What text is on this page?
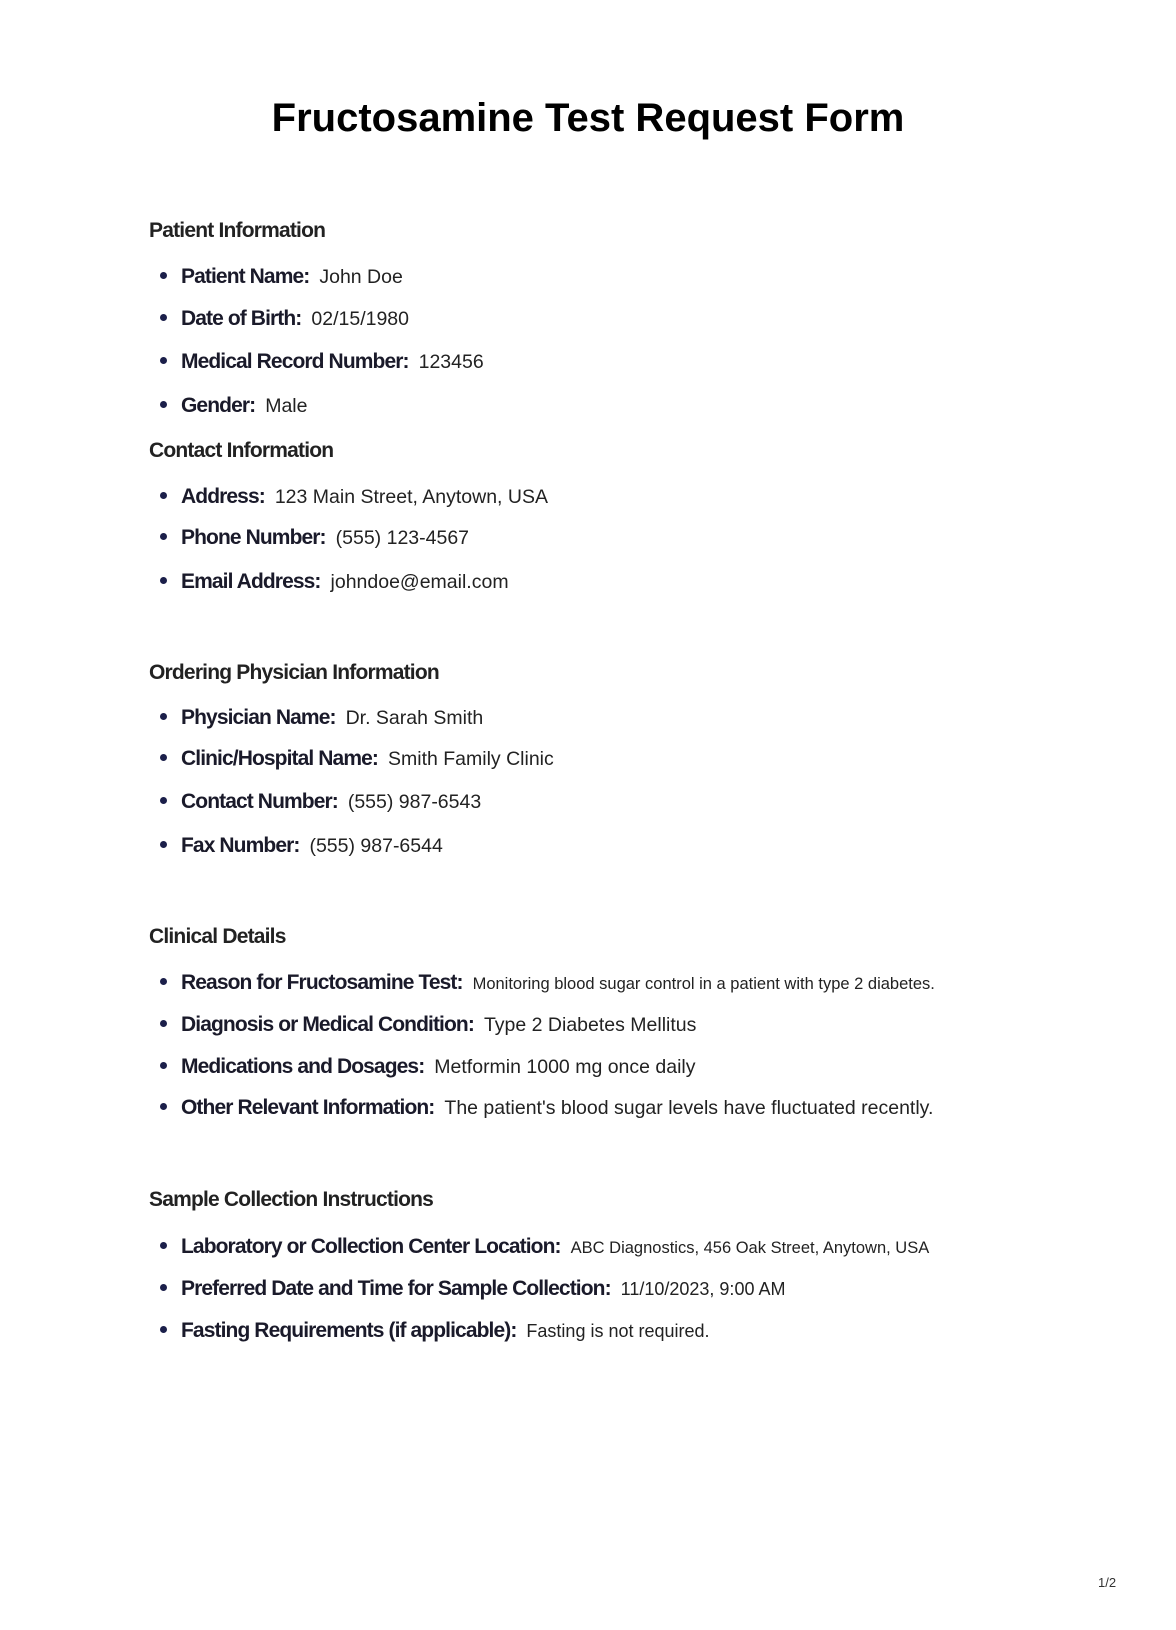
Fructosamine Test Request Form
Patient Information
Patient Name: John Doe
Date of Birth: 02/15/1980
Medical Record Number: 123456
Gender: Male
Contact Information
Address: 123 Main Street, Anytown, USA
Phone Number: (555) 123-4567
Email Address: johndoe@email.com
Ordering Physician Information
Physician Name: Dr. Sarah Smith
Clinic/Hospital Name: Smith Family Clinic
Contact Number: (555) 987-6543
Fax Number: (555) 987-6544
Clinical Details
Reason for Fructosamine Test: Monitoring blood sugar control in a patient with type 2 diabetes.
Diagnosis or Medical Condition: Type 2 Diabetes Mellitus
Medications and Dosages: Metformin 1000 mg once daily
Other Relevant Information: The patient's blood sugar levels have fluctuated recently.
Sample Collection Instructions
Laboratory or Collection Center Location: ABC Diagnostics, 456 Oak Street, Anytown, USA
Preferred Date and Time for Sample Collection: 11/10/2023, 9:00 AM
Fasting Requirements (if applicable): Fasting is not required.
1/2
